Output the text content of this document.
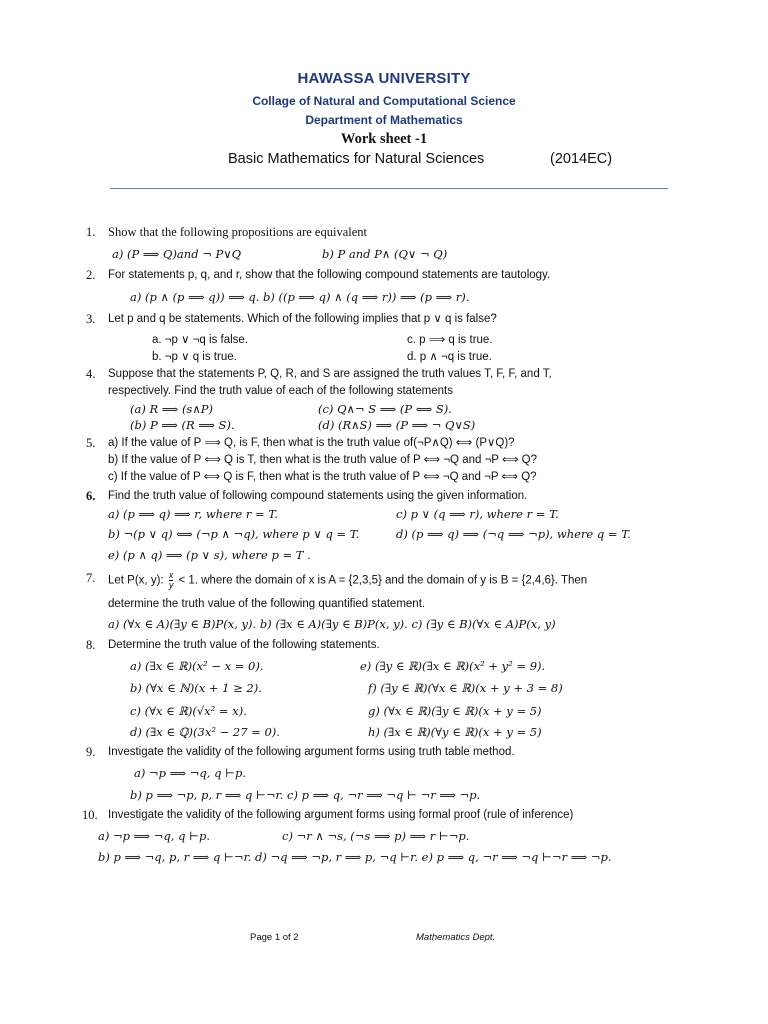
HAWASSA UNIVERSITY
Collage of Natural and Computational Science
Department of Mathematics
Work sheet -1
Basic Mathematics for Natural Sciences	(2014EC)
1. Show that the following propositions are equivalent
a) (P ⟹ Q)and ¬ P∨Q	b) P and P∧ (Q∨ ¬ Q)
2. For statements p, q, and r, show that the following compound statements are tautology.
a) (p ∧ (p ⟹ q)) ⟹ q. b) ((p ⟹ q) ∧ (q ⟹ r)) ⟹ (p ⟹ r).
3. Let p and q be statements. Which of the following implies that p ∨ q is false?
a. ¬p ∨ ¬q is false.	c. p ⟹ q is true.
b. ¬p ∨ q is true.	d. p ∧ ¬q is true.
4. Suppose that the statements P, Q, R, and S are assigned the truth values T, F, F, and T,
respectively. Find the truth value of each of the following statements
(a) R ⟹ (s∧P)	(c) Q∧¬ S ⟹ (P ⟺ S).
(b) P ⟹ (R ⟹ S).	(d) (R∧S) ⟹ (P ⟹ ¬ Q∨S)
5. a) If the value of P ⟹ Q, is F, then what is the truth value of(¬P∧Q) ⟺ (P∨Q)?
b) If the value of P ⟺ Q is T, then what is the truth value of P ⟺ ¬Q and ¬P ⟺ Q?
c) If the value of P ⟺ Q is F, then what is the truth value of P ⟺ ¬Q and ¬P ⟺ Q?
6. Find the truth value of following compound statements using the given information.
a) (p ⟹ q) ⟹ r, where r = T.	c) p ∨ (q ⟹ r), where r = T.
b) ¬(p ∨ q) ⟺ (¬p ∧ ¬q), where p ∨ q = T.	d) (p ⟹ q) ⟹ (¬q ⟹ ¬p), where q = T.
e) (p ∧ q) ⟹ (p ∨ s), where p = T .
7. Let P(x, y): $\frac{x}{y} < 1$. where the domain of x is A = {2,3,5} and the domain of y is B = {2,4,6}. Then
determine the truth value of the following quantified statement.
a) (∀x ∈ A)(∃y ∈ B)P(x, y). b) (∃x ∈ A)(∃y ∈ B)P(x, y). c) (∃y ∈ B)(∀x ∈ A)P(x, y)
8. Determine the truth value of the following statements.
a) (∃x ∈ ℝ)(x² − x = 0).	e) (∃y ∈ ℝ)(∃x ∈ ℝ)(x² + y² = 9).
b) (∀x ∈ ℕ)(x + 1 ≥ 2).	f) (∃y ∈ ℝ)(∀x ∈ ℝ)(x + y + 3 = 8)
c) (∀x ∈ ℝ)(√x² = x).	g) (∀x ∈ ℝ)(∃y ∈ ℝ)(x + y = 5)
d) (∃x ∈ ℚ)(3x² − 27 = 0).	h) (∃x ∈ ℝ)(∀y ∈ ℝ)(x + y = 5)
9. Investigate the validity of the following argument forms using truth table method.
a) ¬p ⟹ ¬q, q ⊢p.
b) p ⟹ ¬p, p, r ⟹ q ⊢¬r. c) p ⟹ q, ¬r ⟹ ¬q ⊢ ¬r ⟹ ¬p.
10. Investigate the validity of the following argument forms using formal proof (rule of inference)
a) ¬p ⟹ ¬q, q ⊢p.	c) ¬r ∧ ¬s, (¬s ⟹ p) ⟹ r ⊢¬p.
b) p ⟹ ¬q, p, r ⟹ q ⊢¬r. d) ¬q ⟹ ¬p, r ⟹ p, ¬q ⊢r. e) p ⟹ q, ¬r ⟹ ¬q ⊢¬r ⟹ ¬p.
Page 1 of 2	Mathematics Dept.
